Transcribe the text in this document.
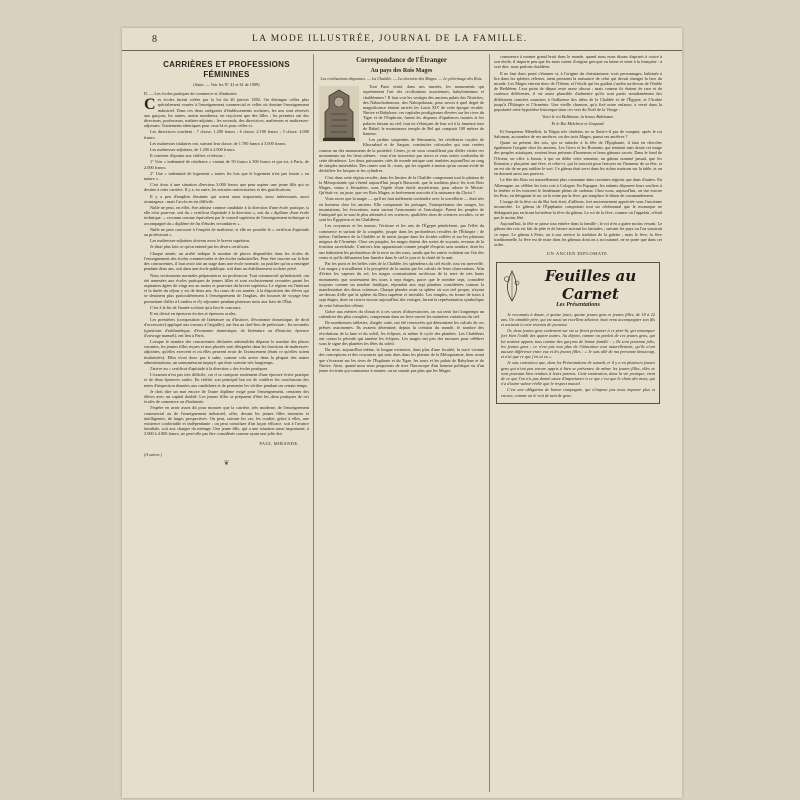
8	LA MODE ILLUSTRÉE, JOURNAL DE LA FAMILLE.
CARRIÈRES ET PROFESSIONS FÉMININES
(Suite. — Voir les N° 41 et 61 de 1909)
II. — Les écoles pratiques de commerce et d'industrie.
Ces écoles furent créées par la loi du 26 janvier 1892. On distingue celles plus spécialement vouées à l'enseignement commercial et celles où domine l'enseignement industriel. Dans ces deux catégories d'établissements scolaires, les uns sont réservés aux garçons, les autres, moins nombreux, ne reçoivent que des filles ; les premiers ont des directeurs, professeurs, maîtres-adjoints ; les seconds, des directrices, maîtresses et maîtresses-adjointes. Traitements identiques pour ceux-là et pour celles-ci.
Les directrices touchent : 7 classe, 1.200 francs ; 6 classe, 2.100 francs ; 5 classe, 4.000 francs.
Les maîtresses titulaires ont, suivant leur classe, de 1.700 francs à 3.000 francs.
Les maîtresses-adjointes, de 1.200 à 2.000 francs.
Il convient d'ajouter aux chiffres ci-dessus :
1° Une « indemnité de résidence » variant de 50 francs à 300 francs et qui est, à Paris, de 2.000 francs.
2° Une « indemnité de logement » toutes les fois que le logement n'est pas fourni « en nature ».
C'est donc à une situation d'environ 3.000 francs que peut aspirer une jeune fille qui se destine à cette carrière. Il y a, en outre, les retraites universitaires et des gratifications.
Il y a peu d'emplois féminins qui soient aussi importants, aussi intéressants, aussi avantageux : mais l'accès en est difficile.
Nulle ne peut, en effet, être admise comme candidate à la direction d'une école pratique, si elle n'est pourvue, soit du « certificat d'aptitude à la direction », soit du « diplôme d'une école technique — reconnu comme équivalent par le conseil supérieur de l'enseignement technique et accompagné du « diplôme de fin d'études secondaires ».
Nulle ne peut concourir à l'emploi de maîtresse, si elle ne possède le « certificat d'aptitude au professorat ».
Les maîtresses-adjointes doivent avoir le brevet supérieur.
Je dirai plus loin ce qu'on entend par les divers certificats.
Chaque année, un arrêté indique le nombre de places disponibles dans les écoles de l'enseignement des écoles commerciales et des écoles industrielles. Pour être inscrite sur la liste des concurrentes, il faut avoir fait un stage dans une école normale, ou justifier qu'on a enseigné pendant deux ans, soit dans une école publique, soit dans un établissement scolaire privé.
Nous sectionnons normales préparatoires au professorat. Tout commercial qu'industriel, ont été annexées aux écoles pratiques de jeunes filles et sont exclusivement recrutées parmi les aspirantes âgées de vingt ans au moins et pourvues du brevet supérieur. Le régime est l'internat et la durée du séjour y est de deux ans. Au cours de ces années, à la disposition des élèves qui se destinent plus particulièrement à l'enseignement de l'anglais, des bourses de voyage leur permettant d'aller à Londres et d'y séjourner pendant plusieurs mois aux frais de l'État.
C'est à la fin de l'année scolaire qu'a lieu le concours.
Il est divisé en épreuves écrites et épreuves orales.
Les premières (composition de littérature ou d'histoire, d'économie domestique, de droit d'accessoire) appliqué aux travaux à l'aiguille), ont lieu au chef-lieu de préfecture ; les secondes (questions d'arithmétique, d'économie domestique, de littérature ou d'histoire, épreuve d'ouvrage manuel), ont lieu à Paris.
Lorsque le nombre des concurrentes déclarées admissibles dépasse le nombre des places vacantes, les jeunes filles reçues et non placées sont désignées dans les fonctions de maîtresses-adjointes, qu'elles exercent et où elles peuvent avoir de l'avancement (étant ce qu'elles soient titularisées). Elles n'ont donc pas à subir, comme cela arrive dans la plupart des autres administrations, un surnumérariat impayé, qui dure souvent très longtemps.
J'arrive au « certificat d'aptitude à la direction » des écoles pratiques.
L'examen n'est pas très difficile, car il se compose seulement d'une épreuve écrite pratique et de deux épreuves orales. En réalité, son principal but est de conférer les conclusions des notes d'inspection données aux candidates et de permettre les vérifier pendant un certain temps.
Je dois dire un mot encore de l'autre diplôme exigé pour l'enseignement, certaines des élèves avec un capital doublé. Les jeunes filles se préparent d'être les deux pratiques de ces écoles de commerce ou d'industrie.
J'espère en avoir assez dit pour montrer que la carrière, très moderne, de l'enseignement commercial ou de l'enseignement industriel, offre, devant les jeunes filles instruites et intelligentes, de larges perspectives. On peut, suivant les cas, les confier, grâce à elles, une existence confortable et indépendante ; on peut constituer d'un façon efficace, soit à l'avance familiale, soit aux charges du ménage. Une jeune fille, qui a une situation aussi importante, à 3.000 à 4.000 francs, ne peut-elle pas être considérée comme ayant une jolie dot.
PAUL MIRANDE.
(A suivre.)
❦
Correspondance de l'Étranger
Au pays des Rois Mages
Les civilisations disparues. — La Chaldée. — La doctrine des Mages. — Le pèlerinage des Rois.
Tout Paris visité, dans nos musées, les monuments qui représentent l'art des civilisations assyriennes, babyloniennes et chaldéennes ! Il faut voir les vestiges des anciens palais des Ninivites, des Nabuchodonosor, des Nabopolassar, pour savoir à quel degré de magnificence étaient arrivés les Louis XIV de cette époque reculée. Ninive et Babylone, ces capitales prodigieuses élevées sur les rives du Tigre et de l'Euphrate, furent les disparus d'opulences inouïes et les palaces faisant au ciel, tout en s'élançant de leur sol à la fameuse tour de Babel, le monstrueux temple de Bel qui comptait 100 mètres de hauteur.
Les jardins suspendus de Sémiramis, les résidences royales de Khorsabad et de Sargon, construites colossales qui sont restées comme un des monuments de la postérité. Certes, je ne vous conseillerai pas d'aller visiter ces monuments sur les lieux mêmes : vous n'en trouveriez pas traces et vous seriez confondus de cette décadence. Les deux puissantes cités de monde antique sont tombées aujourd'hui au rang de simples misérables. Des ruines sont là ; mais, qui les regarde à moins qu'un savant avide de déchiffrer les briques et les cylindres.
C'est dans cette région reculée, dans les limites de la Chaldée comprenant tout le plateau de la Mésopotamie qui s'étend aujourd'hui jusqu'à Bassorah, que la tradition place les trois Rois Mages, venus à Jérusalem, sous l'égide d'une étoile mystérieuse, pour adorer le Messie. Qu'était-ce, au juste, que ces Rois Mages, et brièvement associés à la naissance du Christ ?
Vous savez que la magie — qu'il ne faut nullement confondre avec la sorcellerie — était très en honneur chez les anciens. Elle comprenait les présages, l'interprétation des songes, les incantations, les évocations, mais surtout l'astronomie et l'astrologie. Parmi les peuples de l'antiquité qui se sont le plus adonnés à ces sciences, qualifiées alors de sciences occultes, ce ne sont les Égyptiens et les Chaldéens.
Les croyances et les mœurs, l'écriture et les arts de l'Égypte pénétrèrent, par l'effet du commerce et surtout de la conquête, jusque dans les profondeurs reculées de l'Éthiopie ; de même, l'influence de la Chaldée se fit sentir jusque dans les froides vallées et sur les plateaux neigeux de l'Arménie. Chez ces peuples, les mages étaient des sortes de voyants, revenus de la fonction sacerdotale. L'univers leur apparaissait comme peuplé d'esprits sans nombre, dont les uns habitaient les profondeurs de la terre ou des eaux, tandis que les autres voilaient sur l'air des vents et qu'ils diffusaient leur lumière dans le ciel le jour et la clarté de la nuit.
Par les ports et les belles cités de la Chaldée, les splendeurs du ciel étoilé, tout est merveille. Les mages y travaillaient à la prospérité de la nation par les calculs de leurs observations. Afin d'éviter les vapeurs du sol, les mages construisaient au-dessus de la terre de très hauts monuments que soutenaient des tours à sept étages, parce que le nombre sept, considéré toujours comme un nombre fatidique, répondait aux sept planètes considérées comme la manifestation des dieux créateurs. Chaque planète avait sa sphère où son ciel propre, n'ayant au-dessus d'elle que la sphère du Dieu suprême et invisible. Les temples, en forme de tours à sept étages, dont on trouve encore aujourd'hui des vestiges, furent la représentation symbolique de cette hiérarchie céleste.
Grâce aux mérites du climat et à ces sortes d'observatoires, on sut tenir fort longtemps un calendrier des plus complets, comprenant dans un livre ouvert les moindres variations du ciel.
De nombreuses tablettes, d'argile cuite, ont été retrouvées qui démontrent les calculs de ces prêtres astronomes. Ils avaient déterminé, depuis la création du monde, le nombre des révolutions de la lune et du soleil, les éclipses, et même le cycle des planètes. Les Chaldéens ont connu la période qui ramène les éclipses. Les mages ont pris des mesures pour célébrer sous le signe des planètes les fêtes du soleil.
Du reste, aujourd'hui même, la longue existence, dans plus d'une localité, la trace vivante des conceptions et des croyances qui sont dues dans les plaines de la Mésopotamie, bien avant que s'écrasent sur les rives de l'Euphrate et du Tigre, les tours et les palais de Babylone et de Ninive. Ainsi, quand nous nous proposons de tirer l'horoscope d'un homme politique ou d'un jeune écrivain qui commence à monter, on ne saurait pas plus que les Mages.
commence à monter grand bruit dans le monde, quand nous nous disons disposés à croire à son étoile, il importe peu que les mots soient d'origine grecque ou latine et vient à la française : à vrai dire, nous parlons chaldéen.
Il ne faut donc point s'étonner si, à l'origine du christianisme, trois personnages, habitués à lire dans les sphères célestes, aient pressenti la naissance de celui qui devait changer la face du monde. Les Mages vinrent donc de l'Orient, et l'étoile qui les guidait s'arrêta au-dessus de l'étable de Bethléem. Leur point de départ reste assez obscur ; mais comme ils étaient de race et de couleurs différentes, il est assez plausible d'admettre qu'ils sont partis simultanément des différentes contrées soumises à l'influence des idées de la Chaldée et de l'Égypte, et l'Arabie jusqu'à l'Éthiopie et l'Arménie. Une vieille chanson, qu'a fixé notre enfance, a versé dans la popularité cette hypothèse historique dans ces vers du Noël de la Vierge :
Voici le roi Balthazar, la beaux Balthazar.
Et le Roi Melchior et Gaspard.
Et l'empereur Ménélick, la Négus très chrétien, ne se flatte-t-il pas de compter, après le roi Salomon, au nombre de ses ancêtres, un des trois Mages, parmi ses ancêtres ?
Quant au présent des rois, qui se rattache à la fête de l'Épiphanie, il faut en chercher également l'origine chez les anciens. Les Grecs et les Romains, qui tenaient sans doute cet usage des peuples asiatiques, avaient leurs présents d'honneurs et leurs gâteaux sacrés. Dans le fond de l'Orient, on offre à Junon, à qui on dédie cette semaine, un gâteau nommé janual, que les Romains y plaçaient une fève, et celui-ci, qui la trouvait pour festoyer en l'honneur de sa fête, et on est sûr de ne pas oublier le sort. Ce gâteau était servi dans les riches maisons sur la table, et on en donnait aussi aux pauvres.
La fête des Rois est naturellement plus commune dans certaines régions que dans d'autres. En Allemagne, on célèbre les trois rois à Cologne. En Espagne, les enfants déposent leurs souliers à la fenêtre et les trouvent le lendemain pleins de cadeaux. Chez nous, aujourd'hui, on tire encore les Rois, en désignant le roi ou la reine par la fève, qui remplace le bâton de commandement.
L'usage de la fève ou du Roi boit était, d'ailleurs, fort anciennement appréciée sous l'ancienne monarchie. Le gâteau de l'Épiphanie comportait tout un cérémonial que le monarque ne dédaignait pas en tirant lui-même la fève du gâteau. Le roi de la fève, comme on l'appelait, n'était pas le moins fêté.
Aujourd'hui, la fête se passe tout entière dans la famille ; le roi n'en a guère moins vexant. Le gâteau des rois est fait de pâte et de beurre suivant les latitudes ; suivant les pays ou l'on soustrait ce repas. Le gâteau à Paris, on à son service la tradition de la galette ; mais le fève, la fève traditionnelle, la fève est de mise dans les gâteaux dont on a accoutumé, ne se porte que dans cet ordre.
UN ANCIEN DIPLOMATE.
Feuilles au Carnet
Les Présentations
Je reconnais à douze, à quinze jours, quinze jeunes gens et jeunes filles, de 18 à 22 ans. Un aimable père, qui est aussi un excellent zélateur, était venu accompagner son fils et assistait à cette réunion de jeunesse.
Or, deux jeunes gens seulement sur six se firent présenter à ce père-là, qui remarquer fort bien l'oubli des quatre autres. Au départ, comme on parlait de ces jeunes gens, qui lui avaient apparu tous comme des garçons de bonne famille : « Ils sont pourtant jolis, les jeunes gens ; ce n'est pas non plus de l'éducation tout naturellement, qu'ils n'ont aucune différence entre eux et les jeunes filles : « Je suis allé de ma personne beaucoup, et n'ai que ce que j'en ai vu ».
Je suis convaincu que, dans les Présentations de samedi, et il y a eu plusieurs jeunes gens qui n'ont pas encore appris à bien se présenter, de même les jeunes filles, elles se sont pourtant bien rendues à leurs parents. Cette inattention, dans la vie pratique, vient de ce que l'on n'a pas donné assez d'importance à ce que c'est que le choix des mots, qui n'a d'autre valeur réelle que le respect mutuel.
C'est une obligation de bonne compagnie, qui n'impose pas nous imposer plus et encore, comme on le voit de tant de gens.
